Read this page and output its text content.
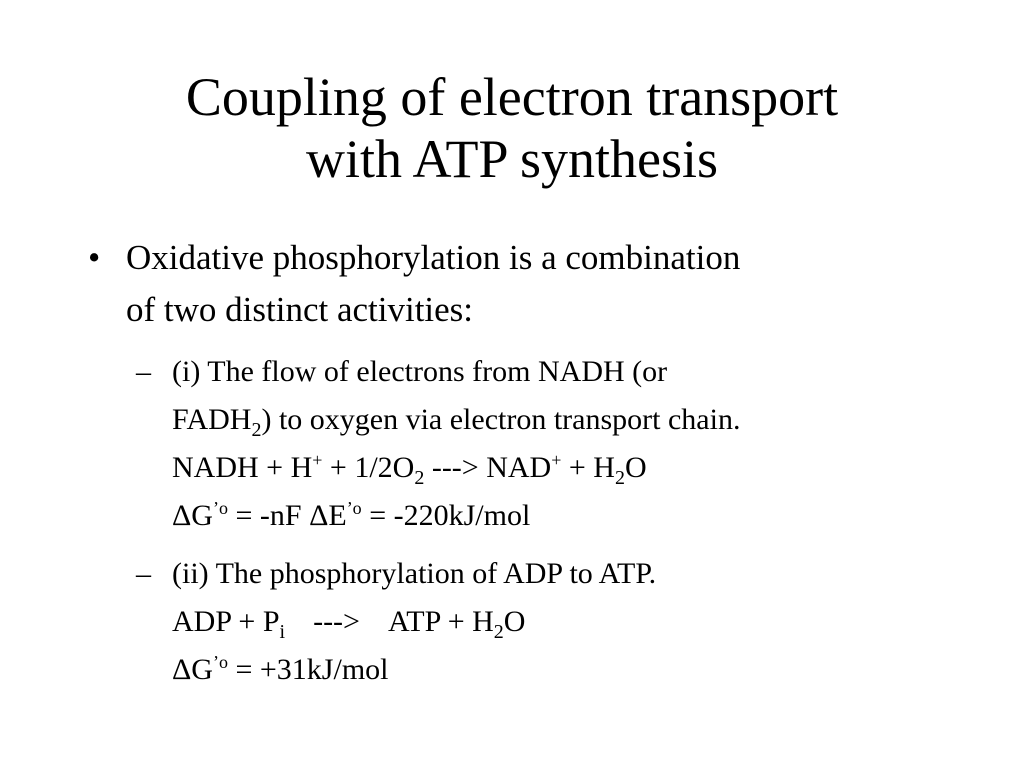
Coupling of electron transport
with ATP synthesis
• Oxidative phosphorylation is a combination
of two distinct activities:
– (i) The flow of electrons from NADH (or
$FADH_2$) to oxygen via electron transport chain.
NADH + $H^+ + 1/2O_2$ ---> $NAD^+ + H_2O$
$\Delta G^{’o} = -nF$ $\Delta E^{’o} = -220kJ/mol$
– (ii) The phosphorylation of ADP to ATP.
ADP + $P_i$ ---> ATP + $H_2O$
$\Delta G^{’o} = +31kJ/mol$
